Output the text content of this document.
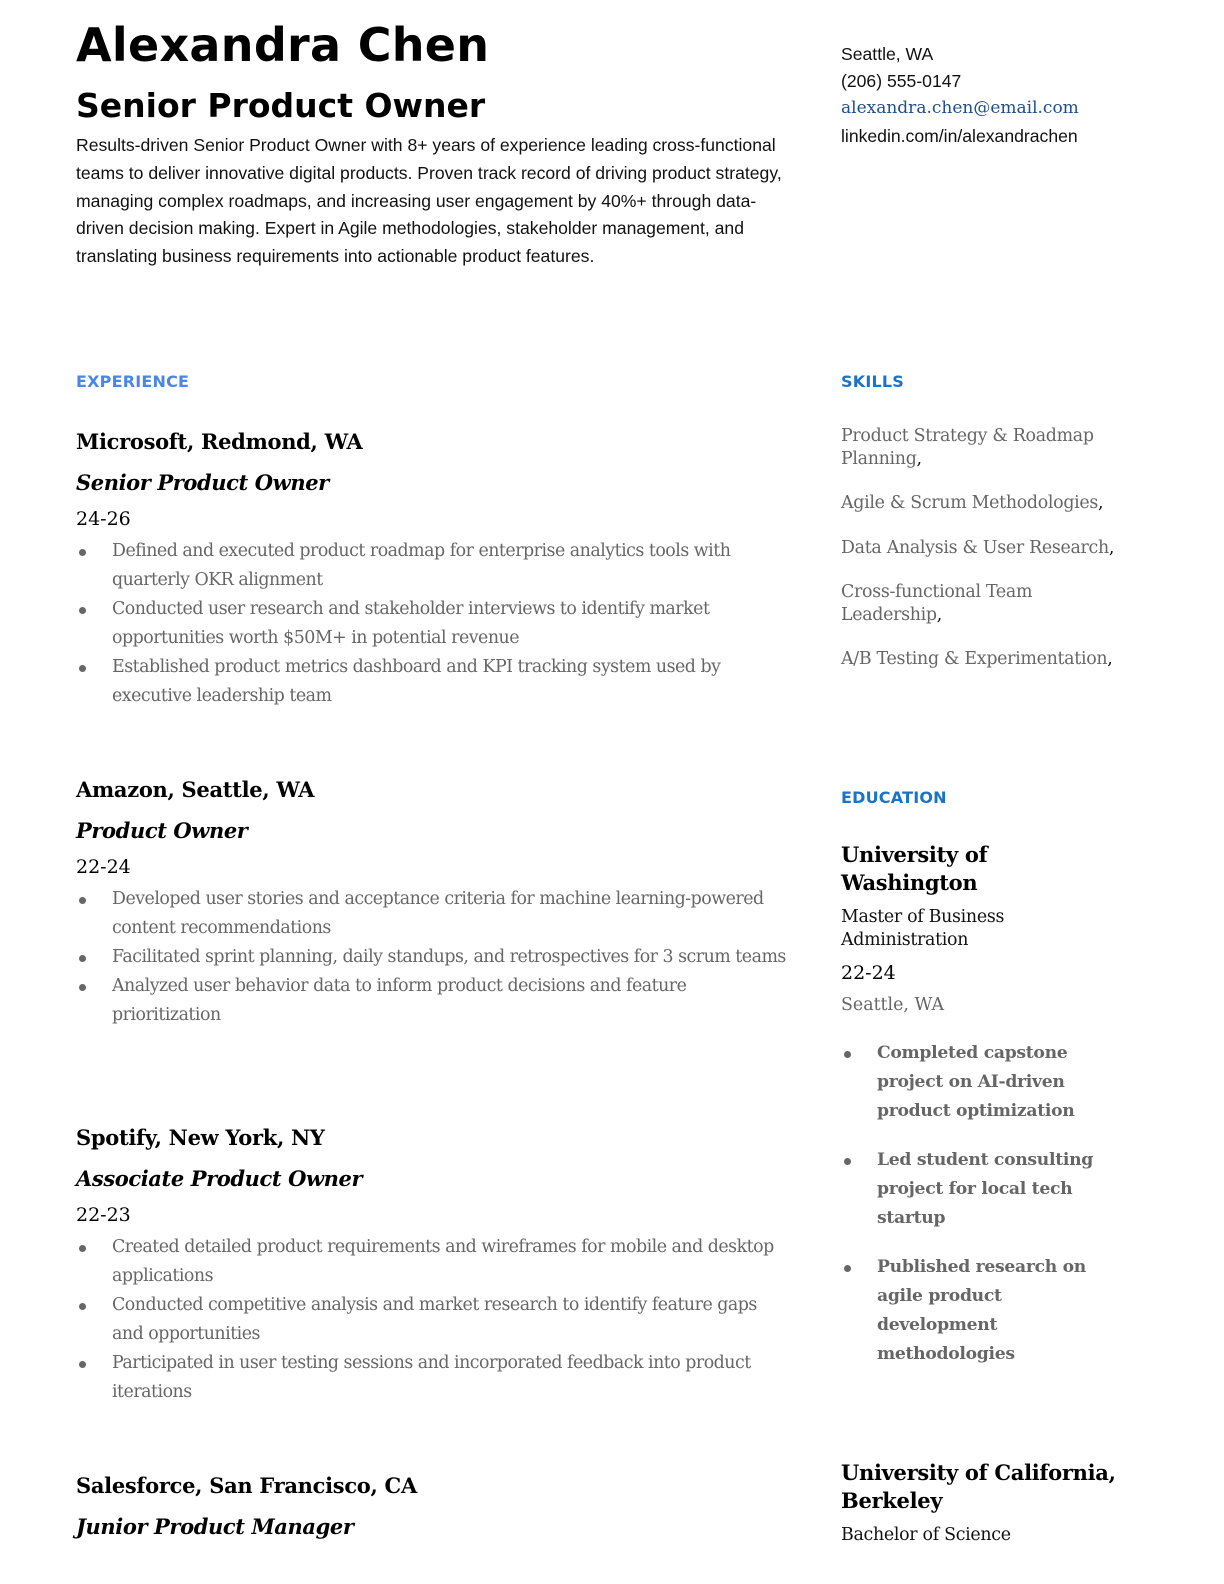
Alexandra Chen
Senior Product Owner
Results-driven Senior Product Owner with 8+ years of experience leading cross-functional teams to deliver innovative digital products. Proven track record of driving product strategy, managing complex roadmaps, and increasing user engagement by 40%+ through data-driven decision making. Expert in Agile methodologies, stakeholder management, and translating business requirements into actionable product features.
Seattle, WA
(206) 555-0147
alexandra.chen@email.com
linkedin.com/in/alexandrachen
EXPERIENCE	SKILLS
EDUCATION
Microsoft, Redmond, WA
Senior Product Owner
24-26
Defined and executed product roadmap for enterprise analytics tools with quarterly OKR alignment
Conducted user research and stakeholder interviews to identify market opportunities worth $50M+ in potential revenue
Established product metrics dashboard and KPI tracking system used by executive leadership team
Amazon, Seattle, WA
Product Owner
22-24
Developed user stories and acceptance criteria for machine learning-powered content recommendations
Facilitated sprint planning, daily standups, and retrospectives for 3 scrum teams
Analyzed user behavior data to inform product decisions and feature prioritization
Spotify, New York, NY
Associate Product Owner
22-23
Created detailed product requirements and wireframes for mobile and desktop applications
Conducted competitive analysis and market research to identify feature gaps and opportunities
Participated in user testing sessions and incorporated feedback into product iterations
Salesforce, San Francisco, CA
Junior Product Manager
Product Strategy & Roadmap Planning,
Agile & Scrum Methodologies,
Data Analysis & User Research,
Cross-functional Team Leadership,
A/B Testing & Experimentation,
University of Washington
Master of Business Administration
22-24
Seattle, WA
Completed capstone project on AI-driven product optimization
Led student consulting project for local tech startup
Published research on agile product development methodologies
University of California, Berkeley
Bachelor of Science
